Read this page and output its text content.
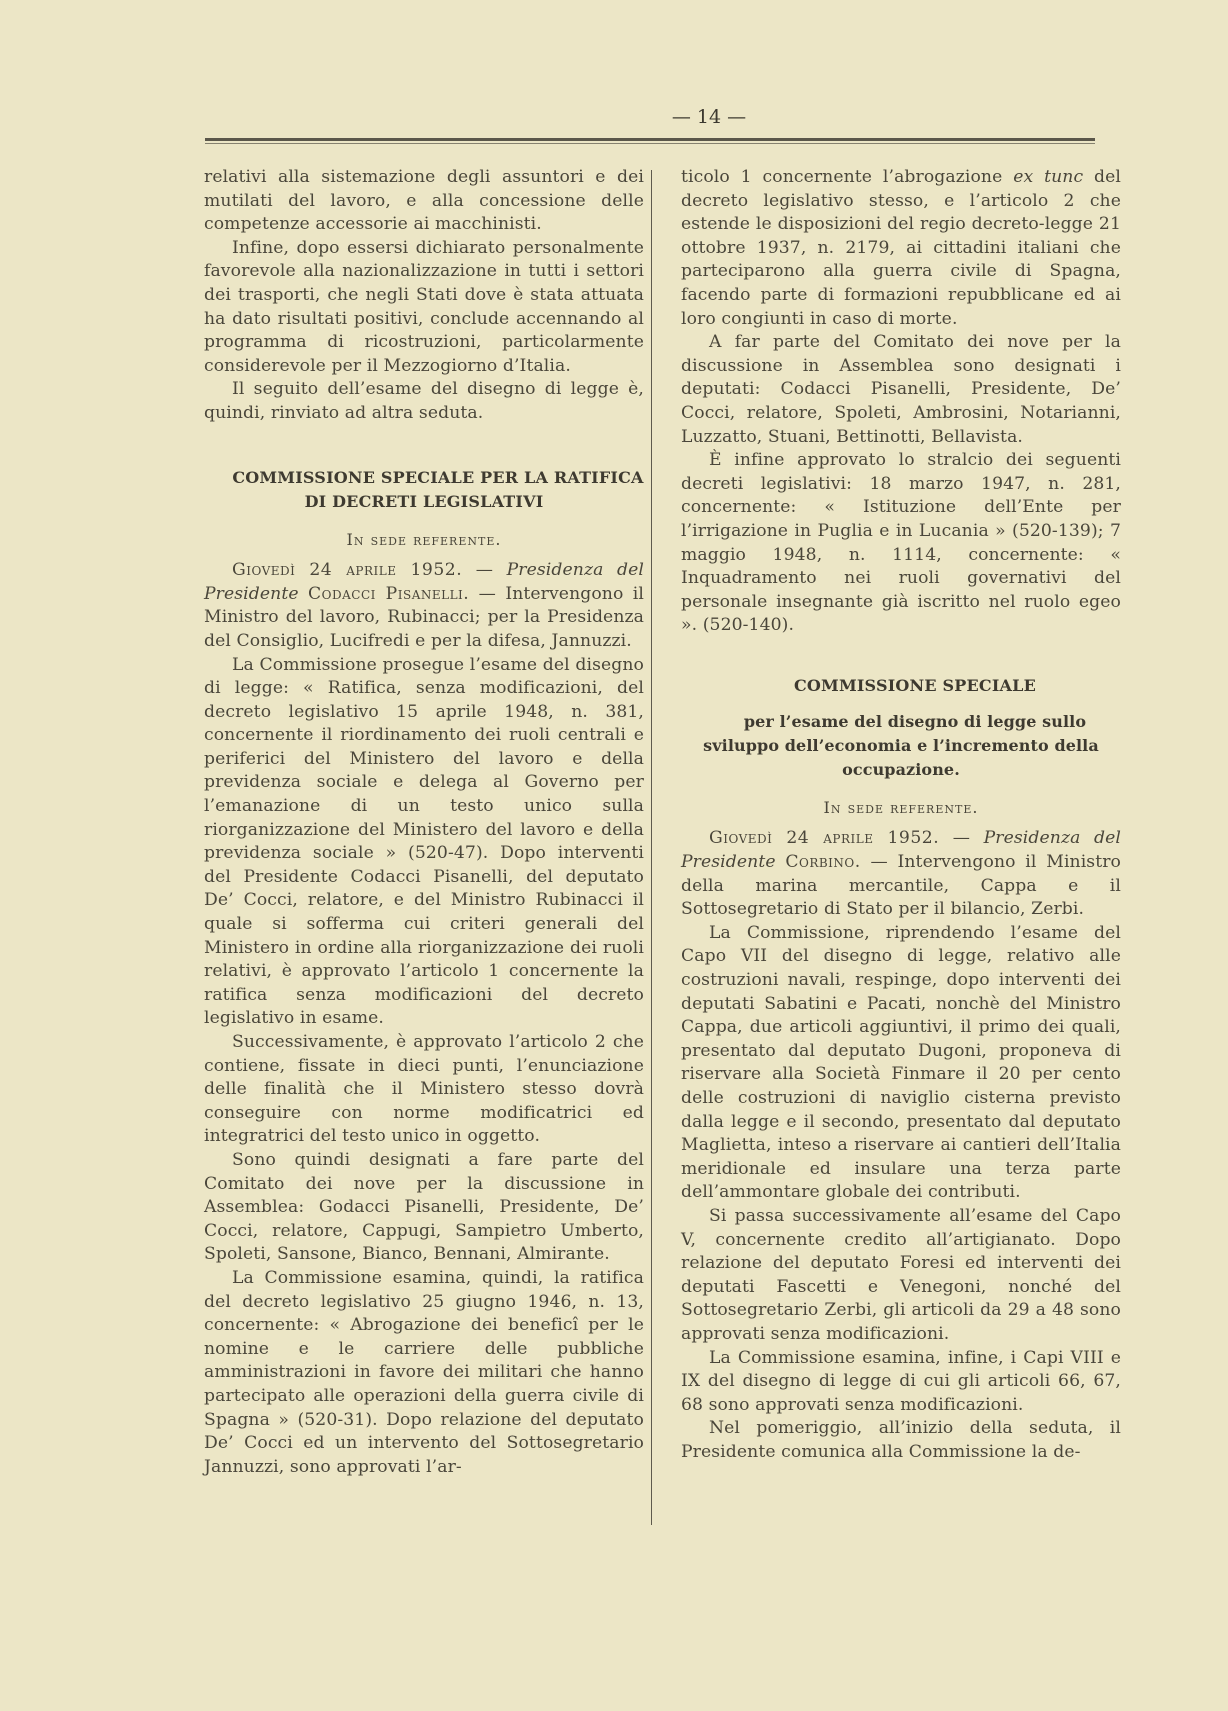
— 14 —

relativi alla sistemazione degli assuntori e dei mutilati del lavoro, e alla concessione delle competenze accessorie ai macchinisti.

Infine, dopo essersi dichiarato personalmente favorevole alla nazionalizzazione in tutti i settori dei trasporti, che negli Stati dove è stata attuata ha dato risultati positivi, conclude accennando al programma di ricostruzioni, particolarmente considerevole per il Mezzogiorno d’Italia.

Il seguito dell’esame del disegno di legge è, quindi, rinviato ad altra seduta.

COMMISSIONE SPECIALE PER LA RATIFICA DI DECRETI LEGISLATIVI

In sede referente.

Giovedì 24 aprile 1952. — Presidenza del Presidente Codacci Pisanelli. — Intervengono il Ministro del lavoro, Rubinacci; per la Presidenza del Consiglio, Lucifredi e per la difesa, Jannuzzi.

La Commissione prosegue l’esame del disegno di legge: « Ratifica, senza modificazioni, del decreto legislativo 15 aprile 1948, n. 381, concernente il riordinamento dei ruoli centrali e periferici del Ministero del lavoro e della previdenza sociale e delega al Governo per l’emanazione di un testo unico sulla riorganizzazione del Ministero del lavoro e della previdenza sociale » (520-47). Dopo interventi del Presidente Codacci Pisanelli, del deputato De’ Cocci, relatore, e del Ministro Rubinacci il quale si sofferma cui criteri generali del Ministero in ordine alla riorganizzazione dei ruoli relativi, è approvato l’articolo 1 concernente la ratifica senza modificazioni del decreto legislativo in esame.

Successivamente, è approvato l’articolo 2 che contiene, fissate in dieci punti, l’enunciazione delle finalità che il Ministero stesso dovrà conseguire con norme modificatrici ed integratrici del testo unico in oggetto.

Sono quindi designati a fare parte del Comitato dei nove per la discussione in Assemblea: Godacci Pisanelli, Presidente, De’ Cocci, relatore, Cappugi, Sampietro Umberto, Spoleti, Sansone, Bianco, Bennani, Almirante.

La Commissione esamina, quindi, la ratifica del decreto legislativo 25 giugno 1946, n. 13, concernente: « Abrogazione dei beneficî per le nomine e le carriere delle pubbliche amministrazioni in favore dei militari che hanno partecipato alle operazioni della guerra civile di Spagna » (520-31). Dopo relazione del deputato De’ Cocci ed un intervento del Sottosegretario Jannuzzi, sono approvati l’ar-

ticolo 1 concernente l’abrogazione ex tunc del decreto legislativo stesso, e l’articolo 2 che estende le disposizioni del regio decreto-legge 21 ottobre 1937, n. 2179, ai cittadini italiani che parteciparono alla guerra civile di Spagna, facendo parte di formazioni repubblicane ed ai loro congiunti in caso di morte.

A far parte del Comitato dei nove per la discussione in Assemblea sono designati i deputati: Codacci Pisanelli, Presidente, De’ Cocci, relatore, Spoleti, Ambrosini, Notarianni, Luzzatto, Stuani, Bettinotti, Bellavista.

È infine approvato lo stralcio dei seguenti decreti legislativi: 18 marzo 1947, n. 281, concernente: « Istituzione dell’Ente per l’irrigazione in Puglia e in Lucania » (520-139); 7 maggio 1948, n. 1114, concernente: « Inquadramento nei ruoli governativi del personale insegnante già iscritto nel ruolo egeo ». (520-140).

COMMISSIONE SPECIALE

per l’esame del disegno di legge sullo sviluppo dell’economia e l’incremento della occupazione.

In sede referente.

Giovedì 24 aprile 1952. — Presidenza del Presidente Corbino. — Intervengono il Ministro della marina mercantile, Cappa e il Sottosegretario di Stato per il bilancio, Zerbi.

La Commissione, riprendendo l’esame del Capo VII del disegno di legge, relativo alle costruzioni navali, respinge, dopo interventi dei deputati Sabatini e Pacati, nonchè del Ministro Cappa, due articoli aggiuntivi, il primo dei quali, presentato dal deputato Dugoni, proponeva di riservare alla Società Finmare il 20 per cento delle costruzioni di naviglio cisterna previsto dalla legge e il secondo, presentato dal deputato Maglietta, inteso a riservare ai cantieri dell’Italia meridionale ed insulare una terza parte dell’ammontare globale dei contributi.

Si passa successivamente all’esame del Capo V, concernente credito all’artigianato. Dopo relazione del deputato Foresi ed interventi dei deputati Fascetti e Venegoni, nonché del Sottosegretario Zerbi, gli articoli da 29 a 48 sono approvati senza modificazioni.

La Commissione esamina, infine, i Capi VIII e IX del disegno di legge di cui gli articoli 66, 67, 68 sono approvati senza modificazioni.

Nel pomeriggio, all’inizio della seduta, il Presidente comunica alla Commissione la de-
